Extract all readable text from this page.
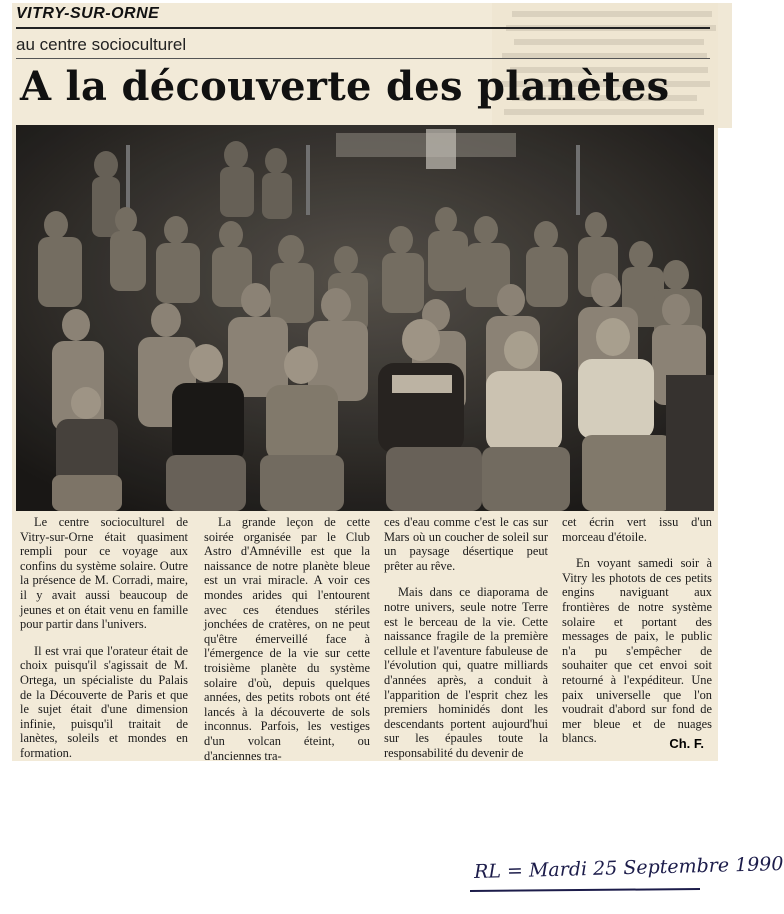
VITRY-SUR-ORNE
au centre socioculturel
A la découverte des planètes

Le centre socioculturel de Vitry-sur-Orne était quasiment rempli pour ce voyage aux confins du système solaire. Outre la présence de M. Corradi, maire, il y avait aussi beaucoup de jeunes et on était venu en famille pour partir dans l'univers.

Il est vrai que l'orateur était de choix puisqu'il s'agissait de M. Ortega, un spécialiste du Palais de la Découverte de Paris et que le sujet était d'une dimension infinie, puisqu'il traitait de lanètes, soleils et mondes en formation.

La grande leçon de cette soirée organisée par le Club Astro d'Amnéville est que la naissance de notre planète bleue est un vrai miracle. A voir ces mondes arides qui l'entourent avec ces étendues stériles jonchées de cratères, on ne peut qu'être émerveillé face à l'émergence de la vie sur cette troisième planète du système solaire d'où, depuis quelques années, des petits robots ont été lancés à la découverte de sols inconnus. Parfois, les vestiges d'un volcan éteint, ou d'anciennes tra-

ces d'eau comme c'est le cas sur Mars où un coucher de soleil sur un paysage désertique peut prêter au rêve.

Mais dans ce diaporama de notre univers, seule notre Terre est le berceau de la vie. Cette naissance fragile de la première cellule et l'aventure fabuleuse de l'évolution qui, quatre milliards d'années après, a conduit à l'apparition de l'esprit chez les premiers hominidés dont les descendants portent aujourd'hui sur les épaules toute la responsabilité du devenir de

cet écrin vert issu d'un morceau d'étoile.

En voyant samedi soir à Vitry les photots de ces petits engins naviguant aux frontières de notre système solaire et portant des messages de paix, le public n'a pu s'empêcher de souhaiter que cet envoi soit retourné à l'expéditeur. Une paix universelle que l'on voudrait d'abord sur fond de mer bleue et de nuages blancs.	Ch. F.
RL = Mardi 25 Septembre 1990
